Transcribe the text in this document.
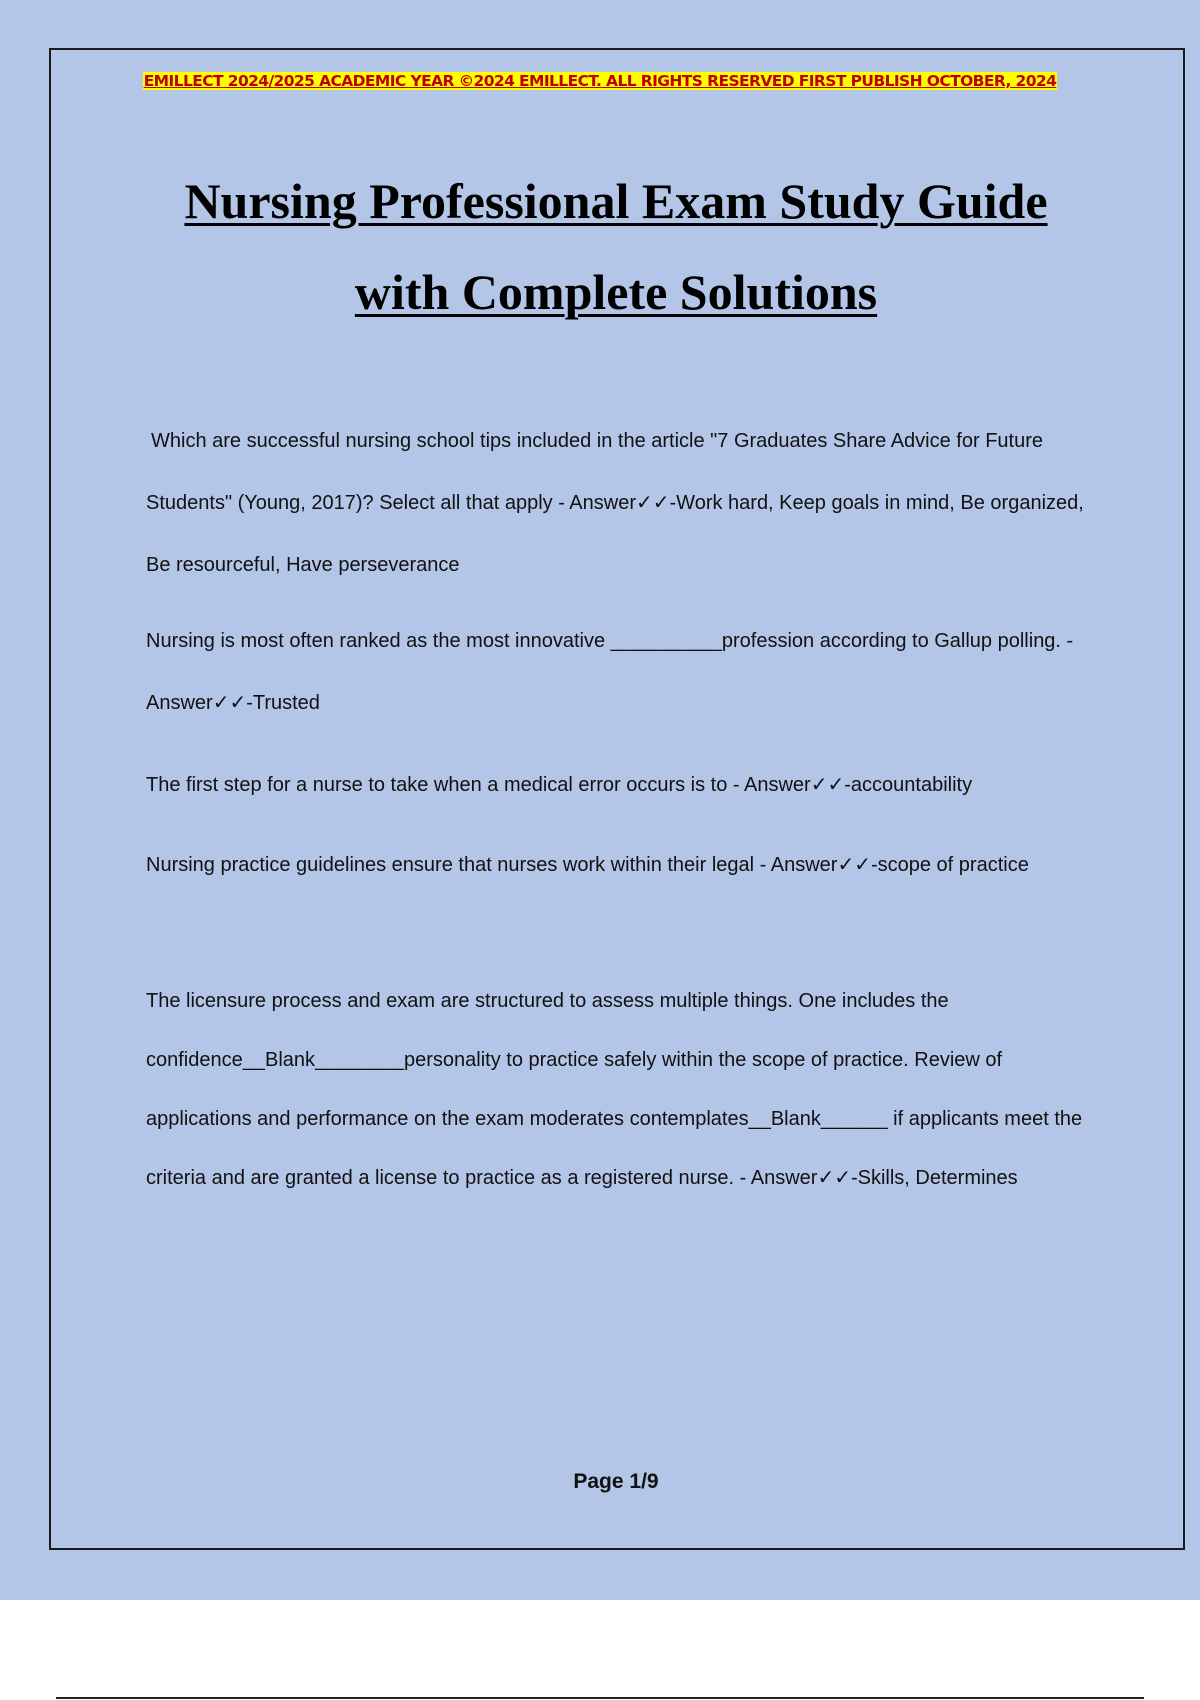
EMILLECT 2024/2025 ACADEMIC YEAR ©2024 EMILLECT. ALL RIGHTS RESERVED FIRST PUBLISH OCTOBER, 2024
Nursing Professional Exam Study Guide
with Complete Solutions

Which are successful nursing school tips included in the article "7 Graduates Share Advice for Future Students" (Young, 2017)? Select all that apply - Answer✓✓-Work hard, Keep goals in mind, Be organized, Be resourceful, Have perseverance

Nursing is most often ranked as the most innovative __________profession according to Gallup polling. - Answer✓✓-Trusted

The first step for a nurse to take when a medical error occurs is to - Answer✓✓-accountability

Nursing practice guidelines ensure that nurses work within their legal - Answer✓✓-scope of practice

The licensure process and exam are structured to assess multiple things. One includes the confidence__Blank________personality to practice safely within the scope of practice. Review of applications and performance on the exam moderates contemplates__Blank______ if applicants meet the criteria and are granted a license to practice as a registered nurse. - Answer✓✓-Skills, Determines

Page 1/9
